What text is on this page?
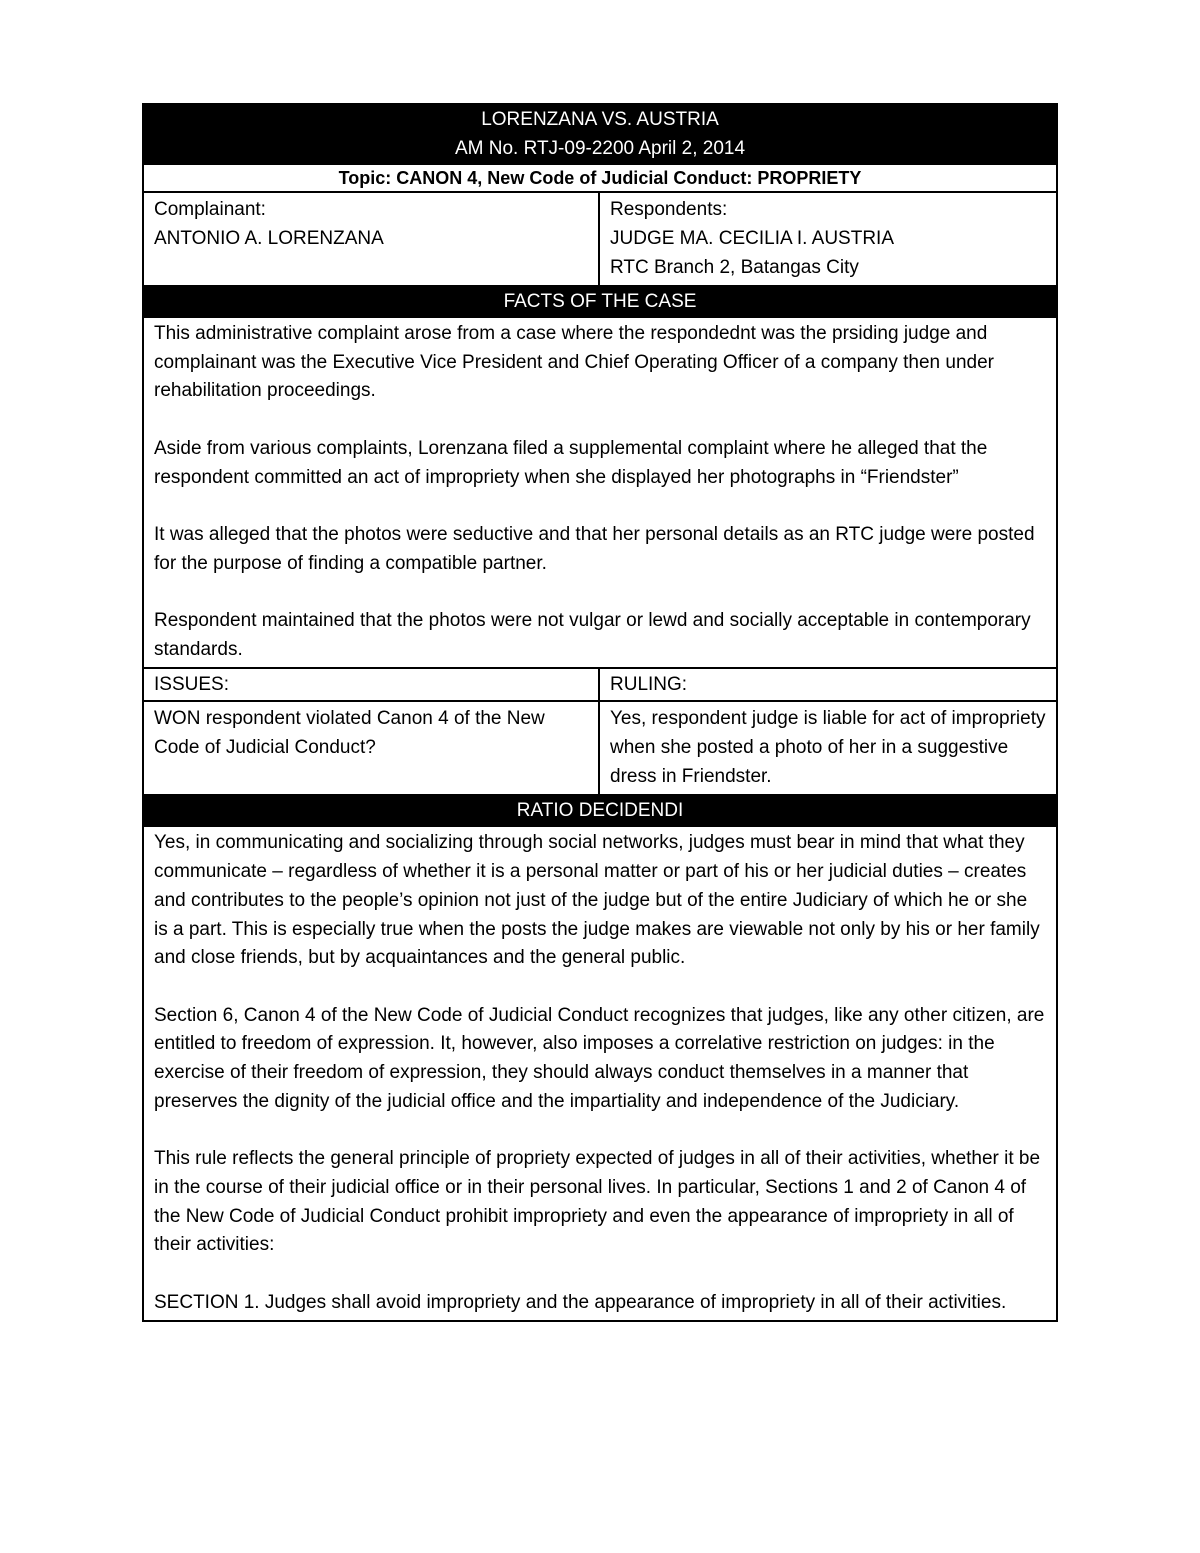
LORENZANA VS. AUSTRIA
AM No. RTJ-09-2200 April 2, 2014
Topic: CANON 4, New Code of Judicial Conduct: PROPRIETY
Complainant:
ANTONIO A. LORENZANA
Respondents:
JUDGE MA. CECILIA I. AUSTRIA
RTC Branch 2, Batangas City
FACTS OF THE CASE

This administrative complaint arose from a case where the respondednt was the prsiding judge and complainant was the Executive Vice President and Chief Operating Officer of a company then under rehabilitation proceedings.

Aside from various complaints, Lorenzana filed a supplemental complaint where he alleged that the respondent committed an act of impropriety when she displayed her photographs in “Friendster”

It was alleged that the photos were seductive and that her personal details as an RTC judge were posted for the purpose of finding a compatible partner.

Respondent maintained that the photos were not vulgar or lewd and socially acceptable in contemporary standards.

ISSUES:	RULING:
WON respondent violated Canon 4 of the New Code of Judicial Conduct?
Yes, respondent judge is liable for act of impropriety when she posted a photo of her in a suggestive dress in Friendster.
RATIO DECIDENDI

Yes, in communicating and socializing through social networks, judges must bear in mind that what they communicate – regardless of whether it is a personal matter or part of his or her judicial duties – creates and contributes to the people’s opinion not just of the judge but of the entire Judiciary of which he or she is a part. This is especially true when the posts the judge makes are viewable not only by his or her family and close friends, but by acquaintances and the general public.

Section 6, Canon 4 of the New Code of Judicial Conduct recognizes that judges, like any other citizen, are entitled to freedom of expression. It, however, also imposes a correlative restriction on judges: in the exercise of their freedom of expression, they should always conduct themselves in a manner that preserves the dignity of the judicial office and the impartiality and independence of the Judiciary.

This rule reflects the general principle of propriety expected of judges in all of their activities, whether it be in the course of their judicial office or in their personal lives. In particular, Sections 1 and 2 of Canon 4 of the New Code of Judicial Conduct prohibit impropriety and even the appearance of impropriety in all of their activities:

SECTION 1. Judges shall avoid impropriety and the appearance of impropriety in all of their activities.
